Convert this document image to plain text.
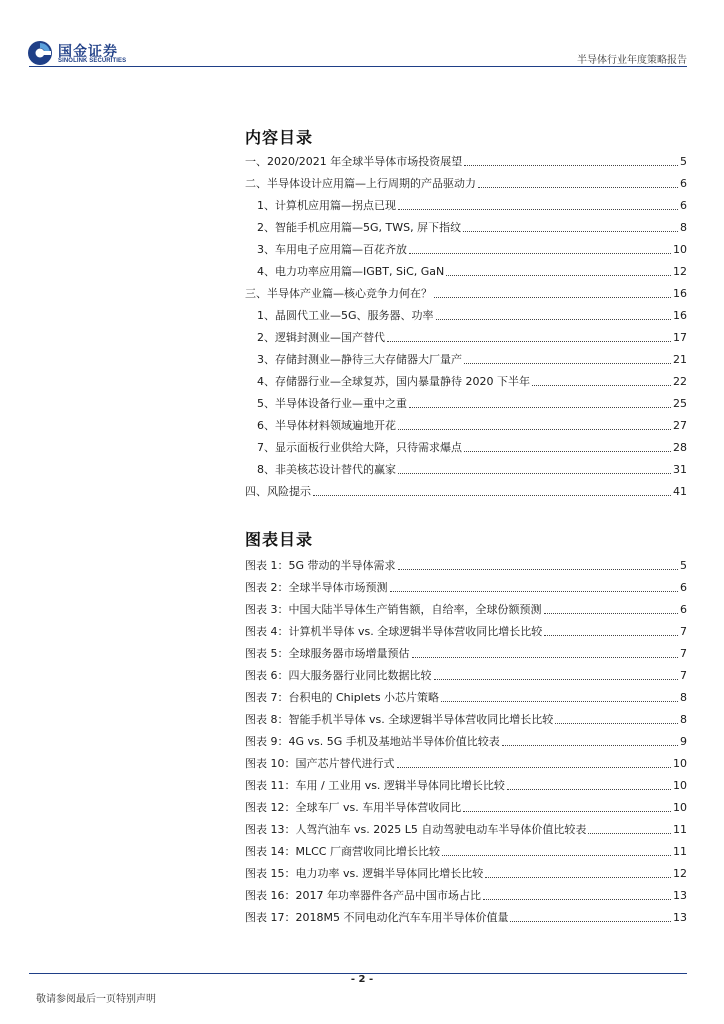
国金证券
SINOLINK SECURITIES	半导体行业年度策略报告
内容目录
一、2020/2021 年全球半导体市场投资展望	5
二、半导体设计应用篇—上行周期的产品驱动力	6
1、计算机应用篇—拐点已现	6
2、智能手机应用篇—5G, TWS, 屏下指纹	8
3、车用电子应用篇—百花齐放	10
4、电力功率应用篇—IGBT, SiC, GaN	12
三、半导体产业篇—核心竞争力何在？	16
1、晶圆代工业—5G、服务器、功率	16
2、逻辑封测业—国产替代	17
3、存储封测业—静待三大存储器大厂量产	21
4、存储器行业—全球复苏，国内暴量静待 2020 下半年	22
5、半导体设备行业—重中之重	25
6、半导体材料领域遍地开花	27
7、显示面板行业供给大降，只待需求爆点	28
8、非美核芯设计替代的赢家	31
四、风险提示	41
图表目录
图表 1：5G 带动的半导体需求	5
图表 2：全球半导体市场预测	6
图表 3：中国大陆半导体生产销售额，自给率，全球份额预测	6
图表 4：计算机半导体 vs. 全球逻辑半导体营收同比增长比较	7
图表 5：全球服务器市场增量预估	7
图表 6：四大服务器行业同比数据比较	7
图表 7：台积电的 Chiplets 小芯片策略	8
图表 8：智能手机半导体 vs. 全球逻辑半导体营收同比增长比较	8
图表 9：4G vs. 5G 手机及基地站半导体价值比较表	9
图表 10：国产芯片替代进行式	10
图表 11：车用 / 工业用 vs. 逻辑半导体同比增长比较	10
图表 12：全球车厂 vs. 车用半导体营收同比	10
图表 13：人驾汽油车 vs. 2025 L5 自动驾驶电动车半导体价值比较表	11
图表 14：MLCC 厂商营收同比增长比较	11
图表 15：电力功率 vs. 逻辑半导体同比增长比较	12
图表 16：2017 年功率器件各产品中国市场占比	13
图表 17：2018M5 不同电动化汽车车用半导体价值量	13
- 2 -
敬请参阅最后一页特别声明
